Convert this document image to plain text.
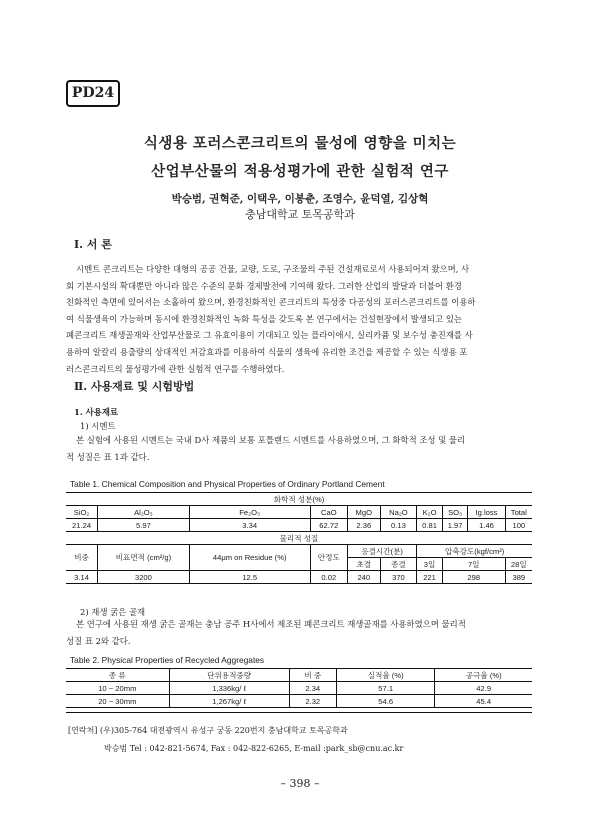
PD24
식생용 포러스콘크리트의 물성에 영향을 미치는
산업부산물의 적용성평가에 관한 실험적 연구
박승범, 권혁준, 이택우, 이봉춘, 조영수, 윤덕열, 김상혁
충남대학교 토목공학과
Ⅰ. 서 론
시멘트 콘크리트는 다양한 대형의 공공 건물, 교량, 도로, 구조물의 주된 건설재료로서 사용되어져 왔으며, 사
회 기본시설의 확대뿐만 아니라 많은 수준의 문화 경제발전에 기여해 왔다. 그러한 산업의 발달과 더불어 환경
친화적인 측면에 있어서는 소홀하여 왔으며, 환경친화적인 콘크리트의 특성중 다공성의 포러스콘크리트를 이용하
여 식물생육이 가능하며 동시에 환경친화적인 녹화 특성을 갖도록 본 연구에서는 건설현장에서 발생되고 있는
폐콘크리트 재생골재와 산업부산물로 그 유효이용이 기대되고 있는 플라이애시, 실리카퓸 및 보수성 충진재를 사
용하여 알칼리 용출량의 상대적인 저감효과를 이용하여 식물의 생육에 유리한 조건을 제공할 수 있는 식생용 포
러스콘크리트의 물성평가에 관한 실험적 연구를 수행하였다.
Ⅱ. 사용재료 및 시험방법
1. 사용재료
1) 시멘트
본 실험에 사용된 시멘트는 국내 D사 제품의 보통 포틀랜드 시멘트를 사용하였으며, 그 화학적 조성 및 물리
적 성질은 표 1과 같다.
Table 1. Chemical Composition and Physical Properties of Ordinary Portland Cement
화학적 성분(%)									
SiO₂	Al₂O₃	Fe₂O₃	CaO	MgO	Na₂O	K₂O	SO₃	Ig.loss	Total
21.24	5.97	3.34	62.72	2.36	0.13	0.81	1.97	1.46	100
물리적 성질									
비중	비표면적 (cm²/g)	44μm on Residue (%)	안정도	응결시간(분)		압축강도(kgf/cm²)			
				초결	종결	3일	7일		28일
3.14	3200	12.5	0.02	240	370	221	298		389
2) 재생 굵은 골재
본 연구에 사용된 재생 굵은 골재는 충남 공주 H사에서 제조된 폐콘크리트 재생골재를 사용하였으며 물리적
성질 표 2와 같다.
Table 2. Physical Properties of Recycled Aggregates
종 류	단위용적중량	비 중	실적율 (%)	공극율 (%)
10 ~ 20mm	1,336kg/ ℓ	2.34	57.1	42.9
20 ~ 30mm	1,267kg/ ℓ	2.32	54.6	45.4
[연락처] (우)305-764 대전광역시 유성구 궁동 220번지 충남대학교 토목공학과
박승범 Tel : 042-821-5674, Fax : 042-822-6265, E-mail :park_sb@cnu.ac.kr
– 398 –
